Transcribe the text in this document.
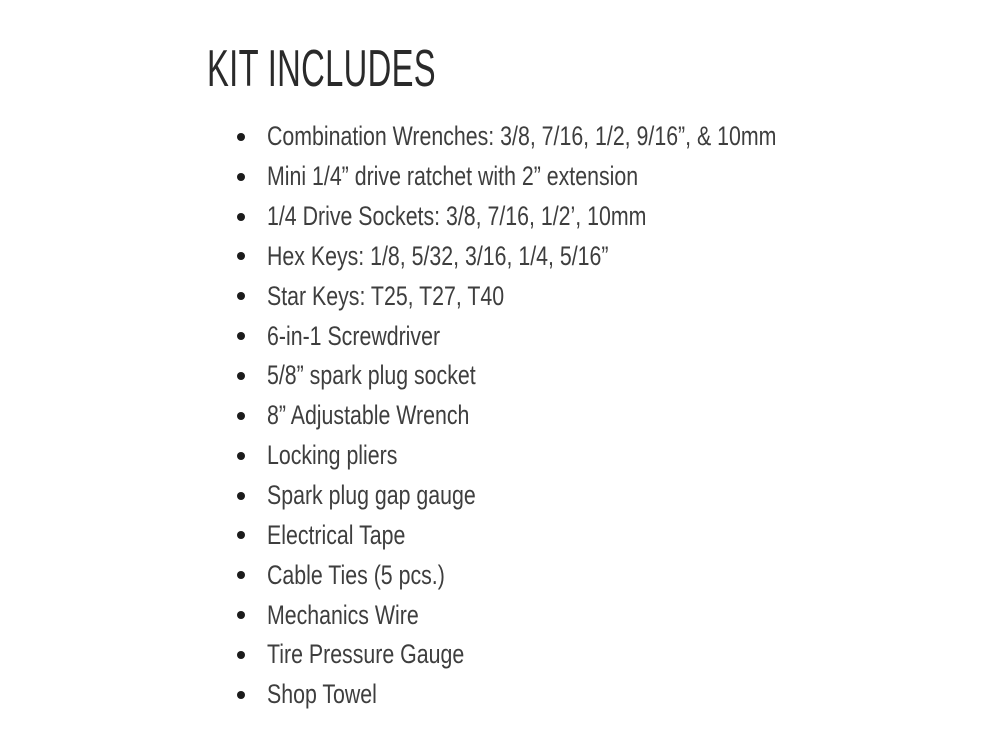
KIT INCLUDES
Combination Wrenches: 3/8, 7/16, 1/2, 9/16”, & 10mm
Mini 1/4” drive ratchet with 2” extension
1/4 Drive Sockets: 3/8, 7/16, 1/2’, 10mm
Hex Keys: 1/8, 5/32, 3/16, 1/4, 5/16”
Star Keys: T25, T27, T40
6-in-1 Screwdriver
5/8” spark plug socket
8” Adjustable Wrench
Locking pliers
Spark plug gap gauge
Electrical Tape
Cable Ties (5 pcs.)
Mechanics Wire
Tire Pressure Gauge
Shop Towel
